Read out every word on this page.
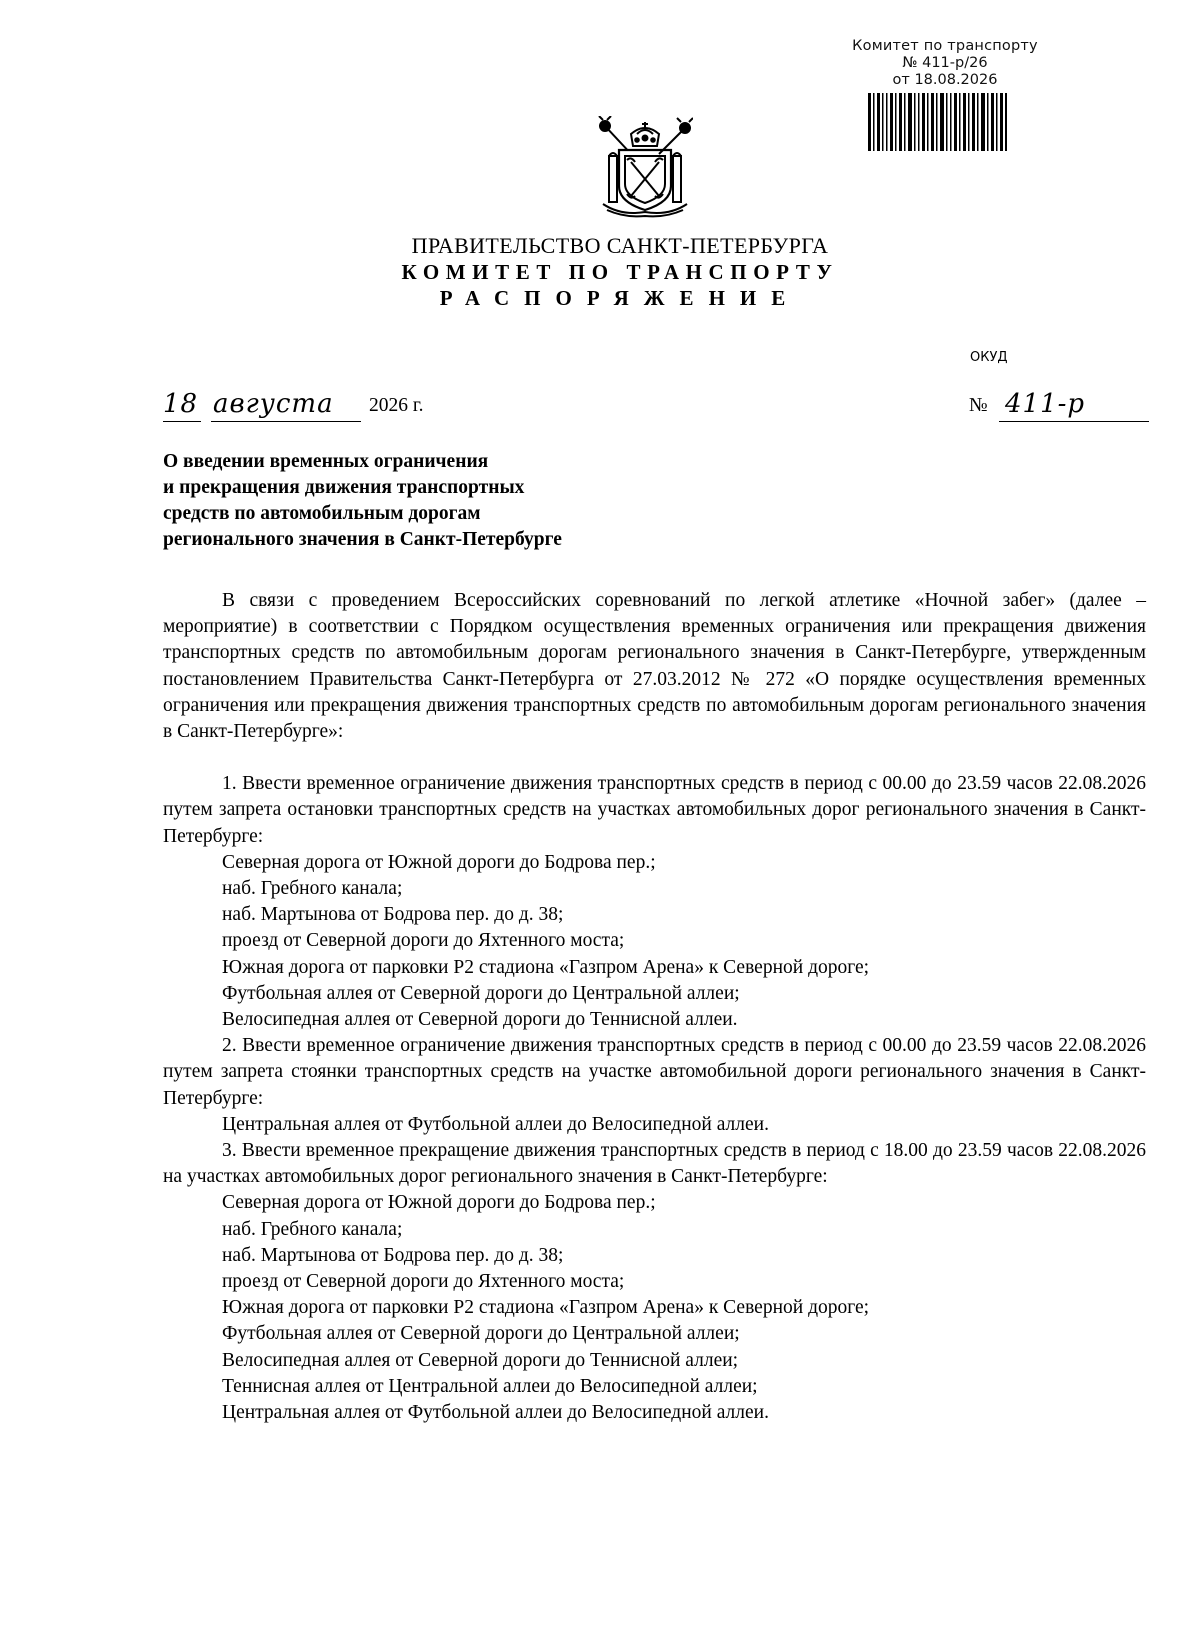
Комитет по транспорту
№ 411-р/26
от 18.08.2026
ПРАВИТЕЛЬСТВО САНКТ-ПЕТЕРБУРГА
КОМИТЕТ ПО ТРАНСПОРТУ
РАСПОРЯЖЕНИЕ
ОКУД
18 августа 2026 г.	№ 411-р
О введении временных ограничения
и прекращения движения транспортных
средств по автомобильным дорогам
регионального значения в Санкт-Петербурге

В связи с проведением Всероссийских соревнований по легкой атлетике «Ночной забег» (далее – мероприятие) в соответствии с Порядком осуществления временных ограничения или прекращения движения транспортных средств по автомобильным дорогам регионального значения в Санкт-Петербурге, утвержденным постановлением Правительства Санкт-Петербурга от 27.03.2012 № 272 «О порядке осуществления временных ограничения или прекращения движения транспортных средств по автомобильным дорогам регионального значения в Санкт-Петербурге»:

1. Ввести временное ограничение движения транспортных средств в период с 00.00 до 23.59 часов 22.08.2026 путем запрета остановки транспортных средств на участках автомобильных дорог регионального значения в Санкт-Петербурге:

Северная дорога от Южной дороги до Бодрова пер.;

наб. Гребного канала;

наб. Мартынова от Бодрова пер. до д. 38;

проезд от Северной дороги до Яхтенного моста;

Южная дорога от парковки Р2 стадиона «Газпром Арена» к Северной дороге;

Футбольная аллея от Северной дороги до Центральной аллеи;

Велосипедная аллея от Северной дороги до Теннисной аллеи.

2. Ввести временное ограничение движения транспортных средств в период с 00.00 до 23.59 часов 22.08.2026 путем запрета стоянки транспортных средств на участке автомобильной дороги регионального значения в Санкт-Петербурге:

Центральная аллея от Футбольной аллеи до Велосипедной аллеи.

3. Ввести временное прекращение движения транспортных средств в период с 18.00 до 23.59 часов 22.08.2026 на участках автомобильных дорог регионального значения в Санкт-Петербурге:

Северная дорога от Южной дороги до Бодрова пер.;

наб. Гребного канала;

наб. Мартынова от Бодрова пер. до д. 38;

проезд от Северной дороги до Яхтенного моста;

Южная дорога от парковки Р2 стадиона «Газпром Арена» к Северной дороге;

Футбольная аллея от Северной дороги до Центральной аллеи;

Велосипедная аллея от Северной дороги до Теннисной аллеи;

Теннисная аллея от Центральной аллеи до Велосипедной аллеи;

Центральная аллея от Футбольной аллеи до Велосипедной аллеи.
